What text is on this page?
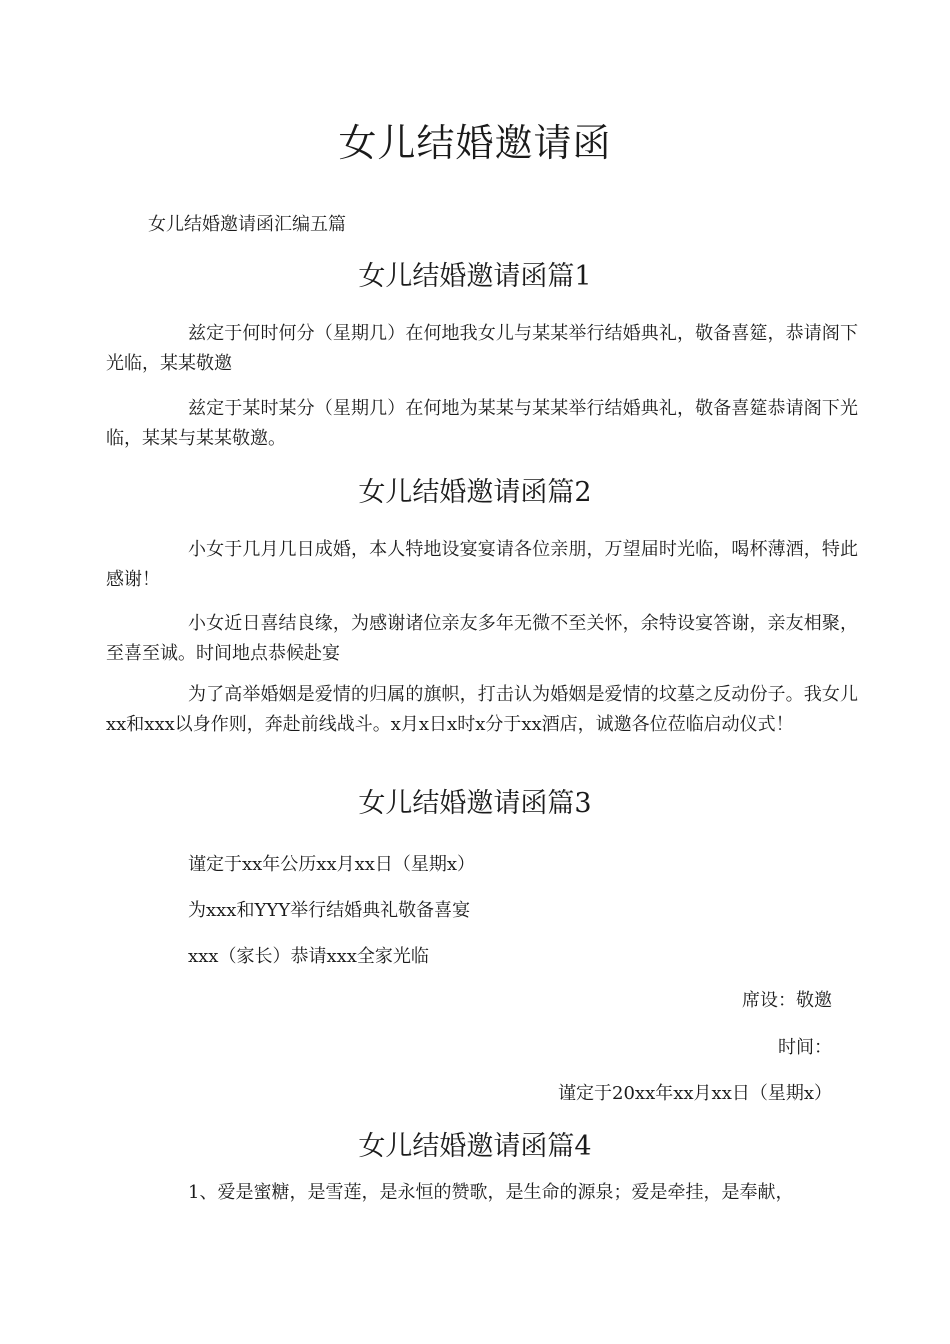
女儿结婚邀请函

女儿结婚邀请函汇编五篇

女儿结婚邀请函篇1

兹定于何时何分（星期几）在何地我女儿与某某举行结婚典礼，敬备喜筵，恭请阁下光临，某某敬邀

兹定于某时某分（星期几）在何地为某某与某某举行结婚典礼，敬备喜筵恭请阁下光临，某某与某某敬邀。

女儿结婚邀请函篇2

小女于几月几日成婚，本人特地设宴宴请各位亲朋，万望届时光临，喝杯薄酒，特此感谢！

小女近日喜结良缘，为感谢诸位亲友多年无微不至关怀，余特设宴答谢，亲友相聚，至喜至诚。时间地点恭候赴宴

为了高举婚姻是爱情的归属的旗帜，打击认为婚姻是爱情的坟墓之反动份子。我女儿xx和xxx以身作则，奔赴前线战斗。x月x日x时x分于xx酒店，诚邀各位莅临启动仪式！

女儿结婚邀请函篇3

谨定于xx年公历xx月xx日（星期x）

为xxx和YYY举行结婚典礼敬备喜宴

xxx（家长）恭请xxx全家光临

席设：敬邀

时间：

谨定于20xx年xx月xx日（星期x）

女儿结婚邀请函篇4

1、爱是蜜糖，是雪莲，是永恒的赞歌，是生命的源泉；爱是牵挂，是奉献，
